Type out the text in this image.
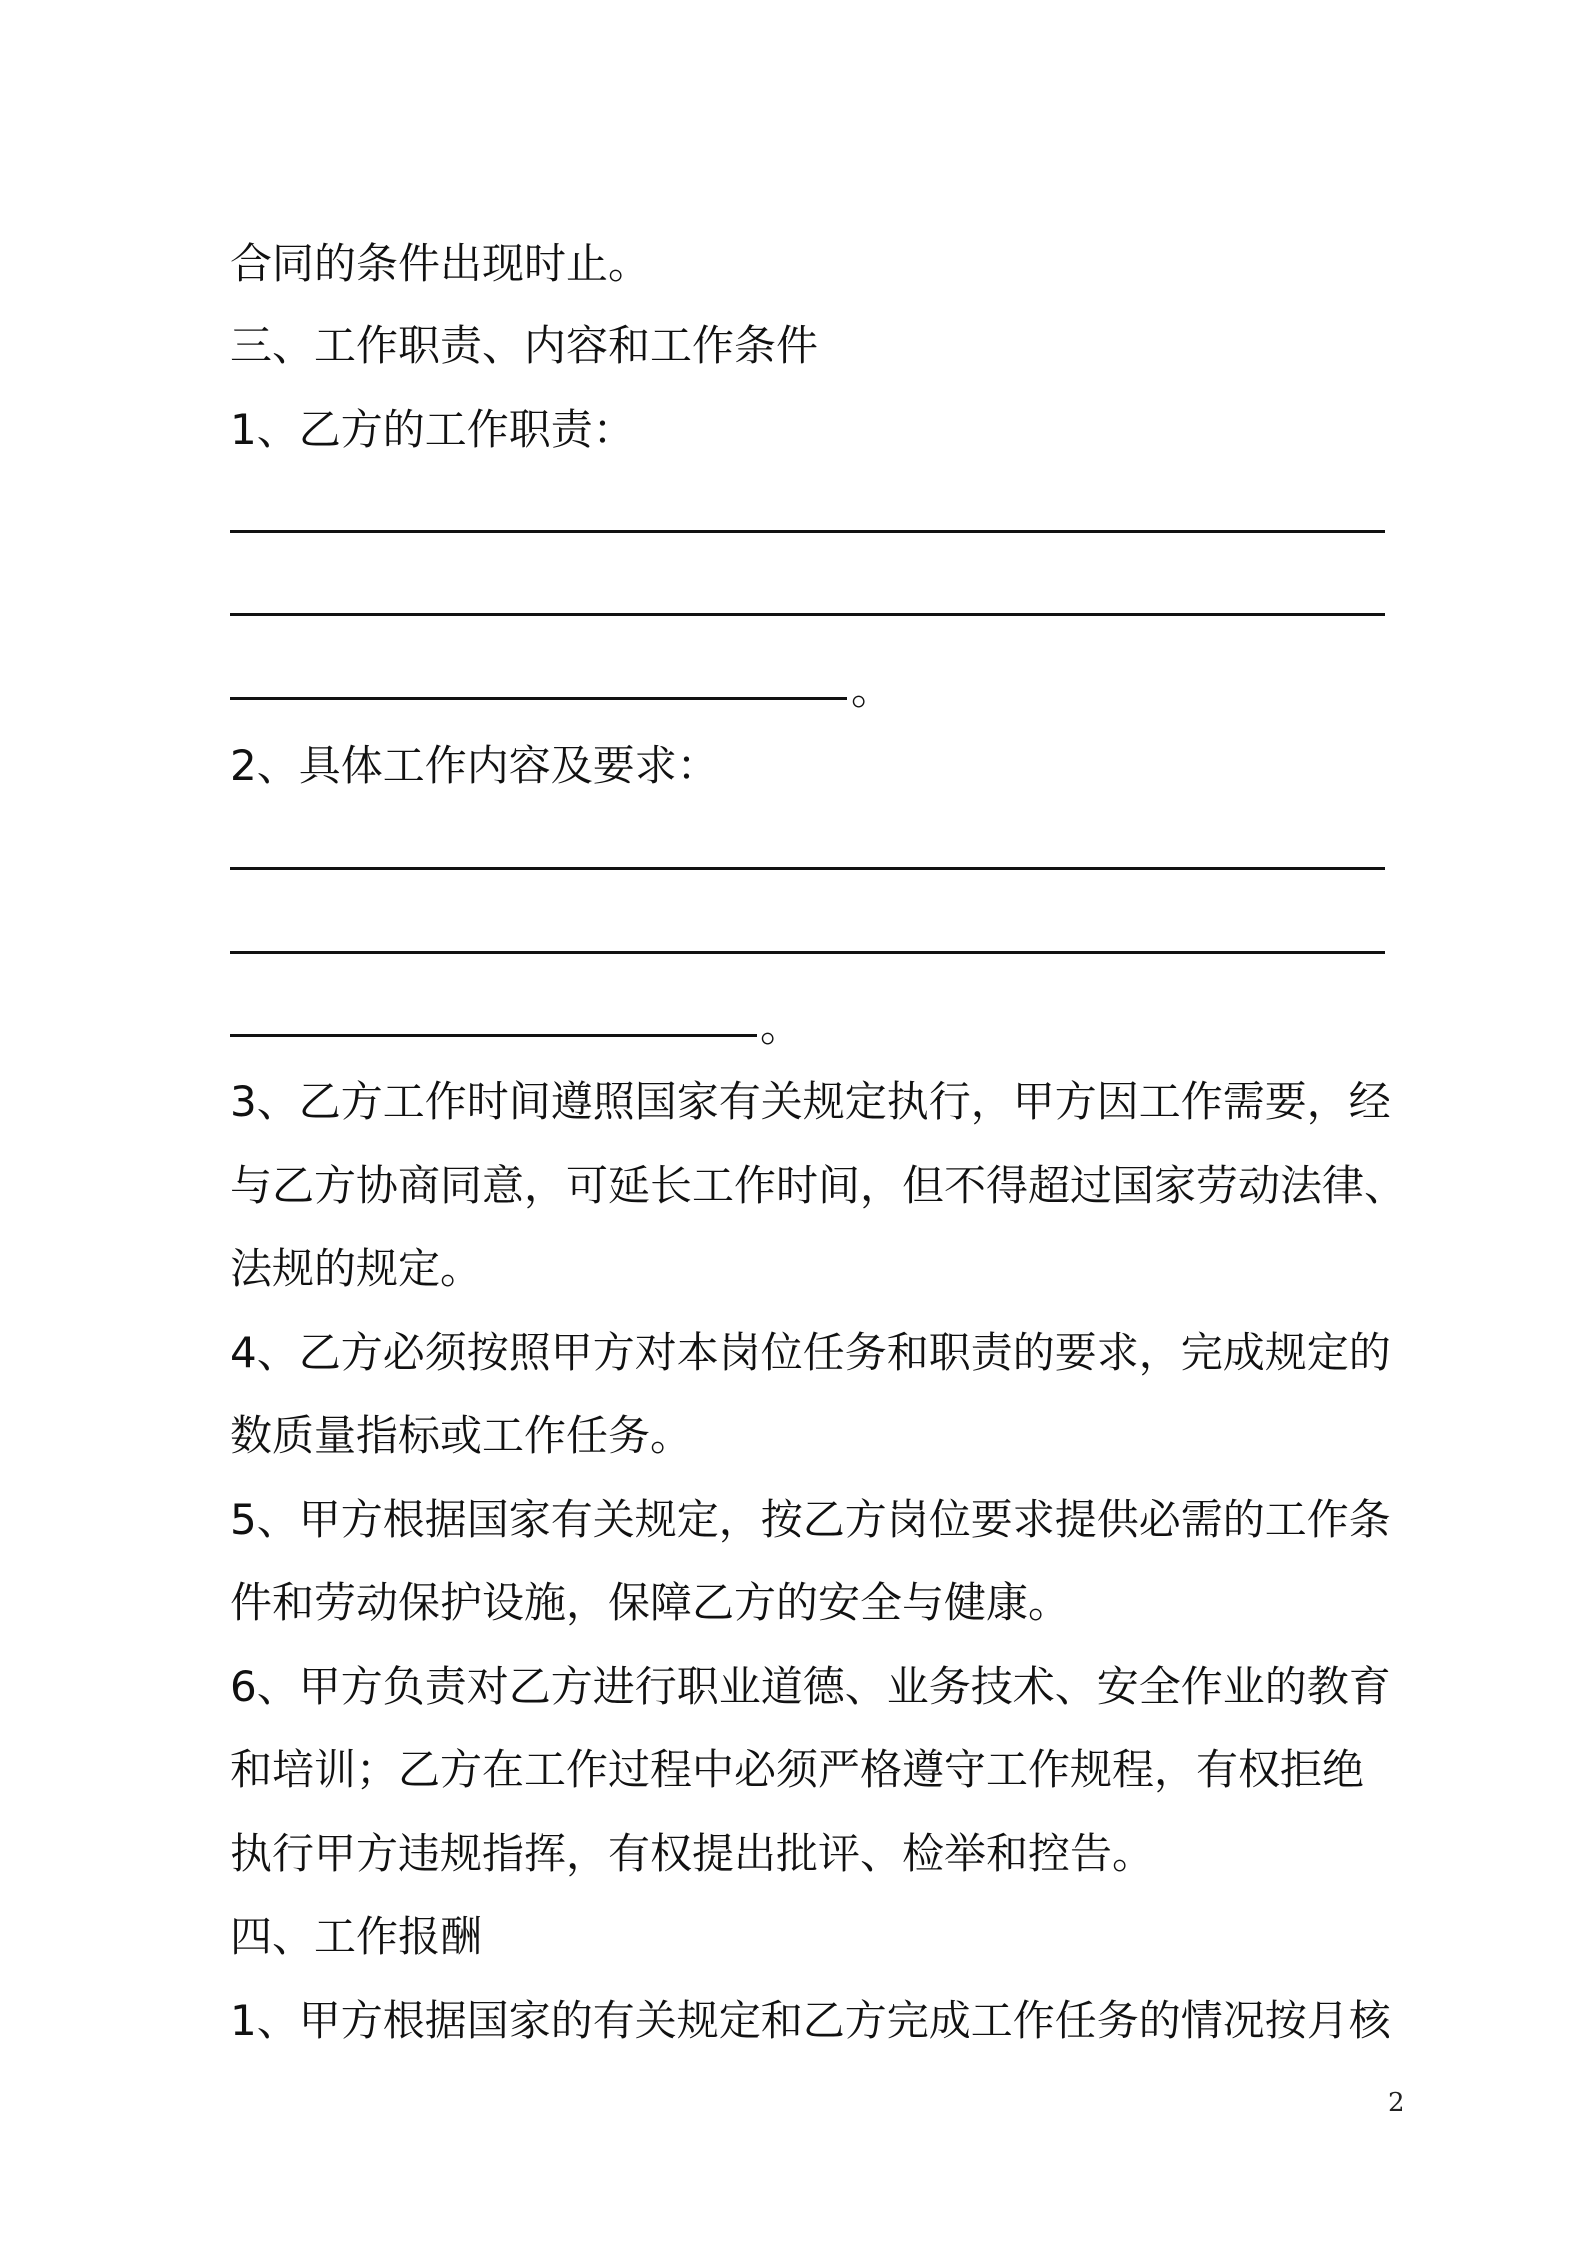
合同的条件出现时止。
三、工作职责、内容和工作条件
1、乙方的工作职责：
。
2、具体工作内容及要求：
。
3、乙方工作时间遵照国家有关规定执行，甲方因工作需要，经
与乙方协商同意，可延长工作时间，但不得超过国家劳动法律、
法规的规定。
4、乙方必须按照甲方对本岗位任务和职责的要求，完成规定的
数质量指标或工作任务。
5、甲方根据国家有关规定，按乙方岗位要求提供必需的工作条
件和劳动保护设施，保障乙方的安全与健康。
6、甲方负责对乙方进行职业道德、业务技术、安全作业的教育
和培训；乙方在工作过程中必须严格遵守工作规程，有权拒绝
执行甲方违规指挥，有权提出批评、检举和控告。
四、工作报酬
1、甲方根据国家的有关规定和乙方完成工作任务的情况按月核
2
